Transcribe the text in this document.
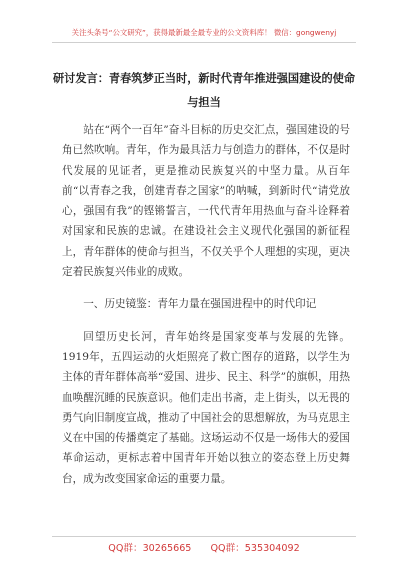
关注头条号“公文研究”，获得最新最全最专业的公文资料库！ 微信：gongwenyj
研讨发言：青春筑梦正当时，新时代青年推进强国建设的使命与担当

站在“两个一百年”奋斗目标的历史交汇点，强国建设的号角已然吹响。青年，作为最具活力与创造力的群体，不仅是时代发展的见证者，更是推动民族复兴的中坚力量。从百年前“以青春之我，创建青春之国家”的呐喊，到新时代“请党放心，强国有我”的铿锵誓言，一代代青年用热血与奋斗诠释着对国家和民族的忠诚。在建设社会主义现代化强国的新征程上，青年群体的使命与担当，不仅关乎个人理想的实现，更决定着民族复兴伟业的成败。

一、历史镜鉴：青年力量在强国进程中的时代印记

回望历史长河，青年始终是国家变革与发展的先锋。1919年，五四运动的火炬照亮了救亡图存的道路，以学生为主体的青年群体高举“爱国、进步、民主、科学”的旗帜，用热血唤醒沉睡的民族意识。他们走出书斋，走上街头，以无畏的勇气向旧制度宣战，推动了中国社会的思想解放，为马克思主义在中国的传播奠定了基础。这场运动不仅是一场伟大的爱国革命运动，更标志着中国青年开始以独立的姿态登上历史舞台，成为改变国家命运的重要力量。

QQ群：30265665 QQ群：535304092
